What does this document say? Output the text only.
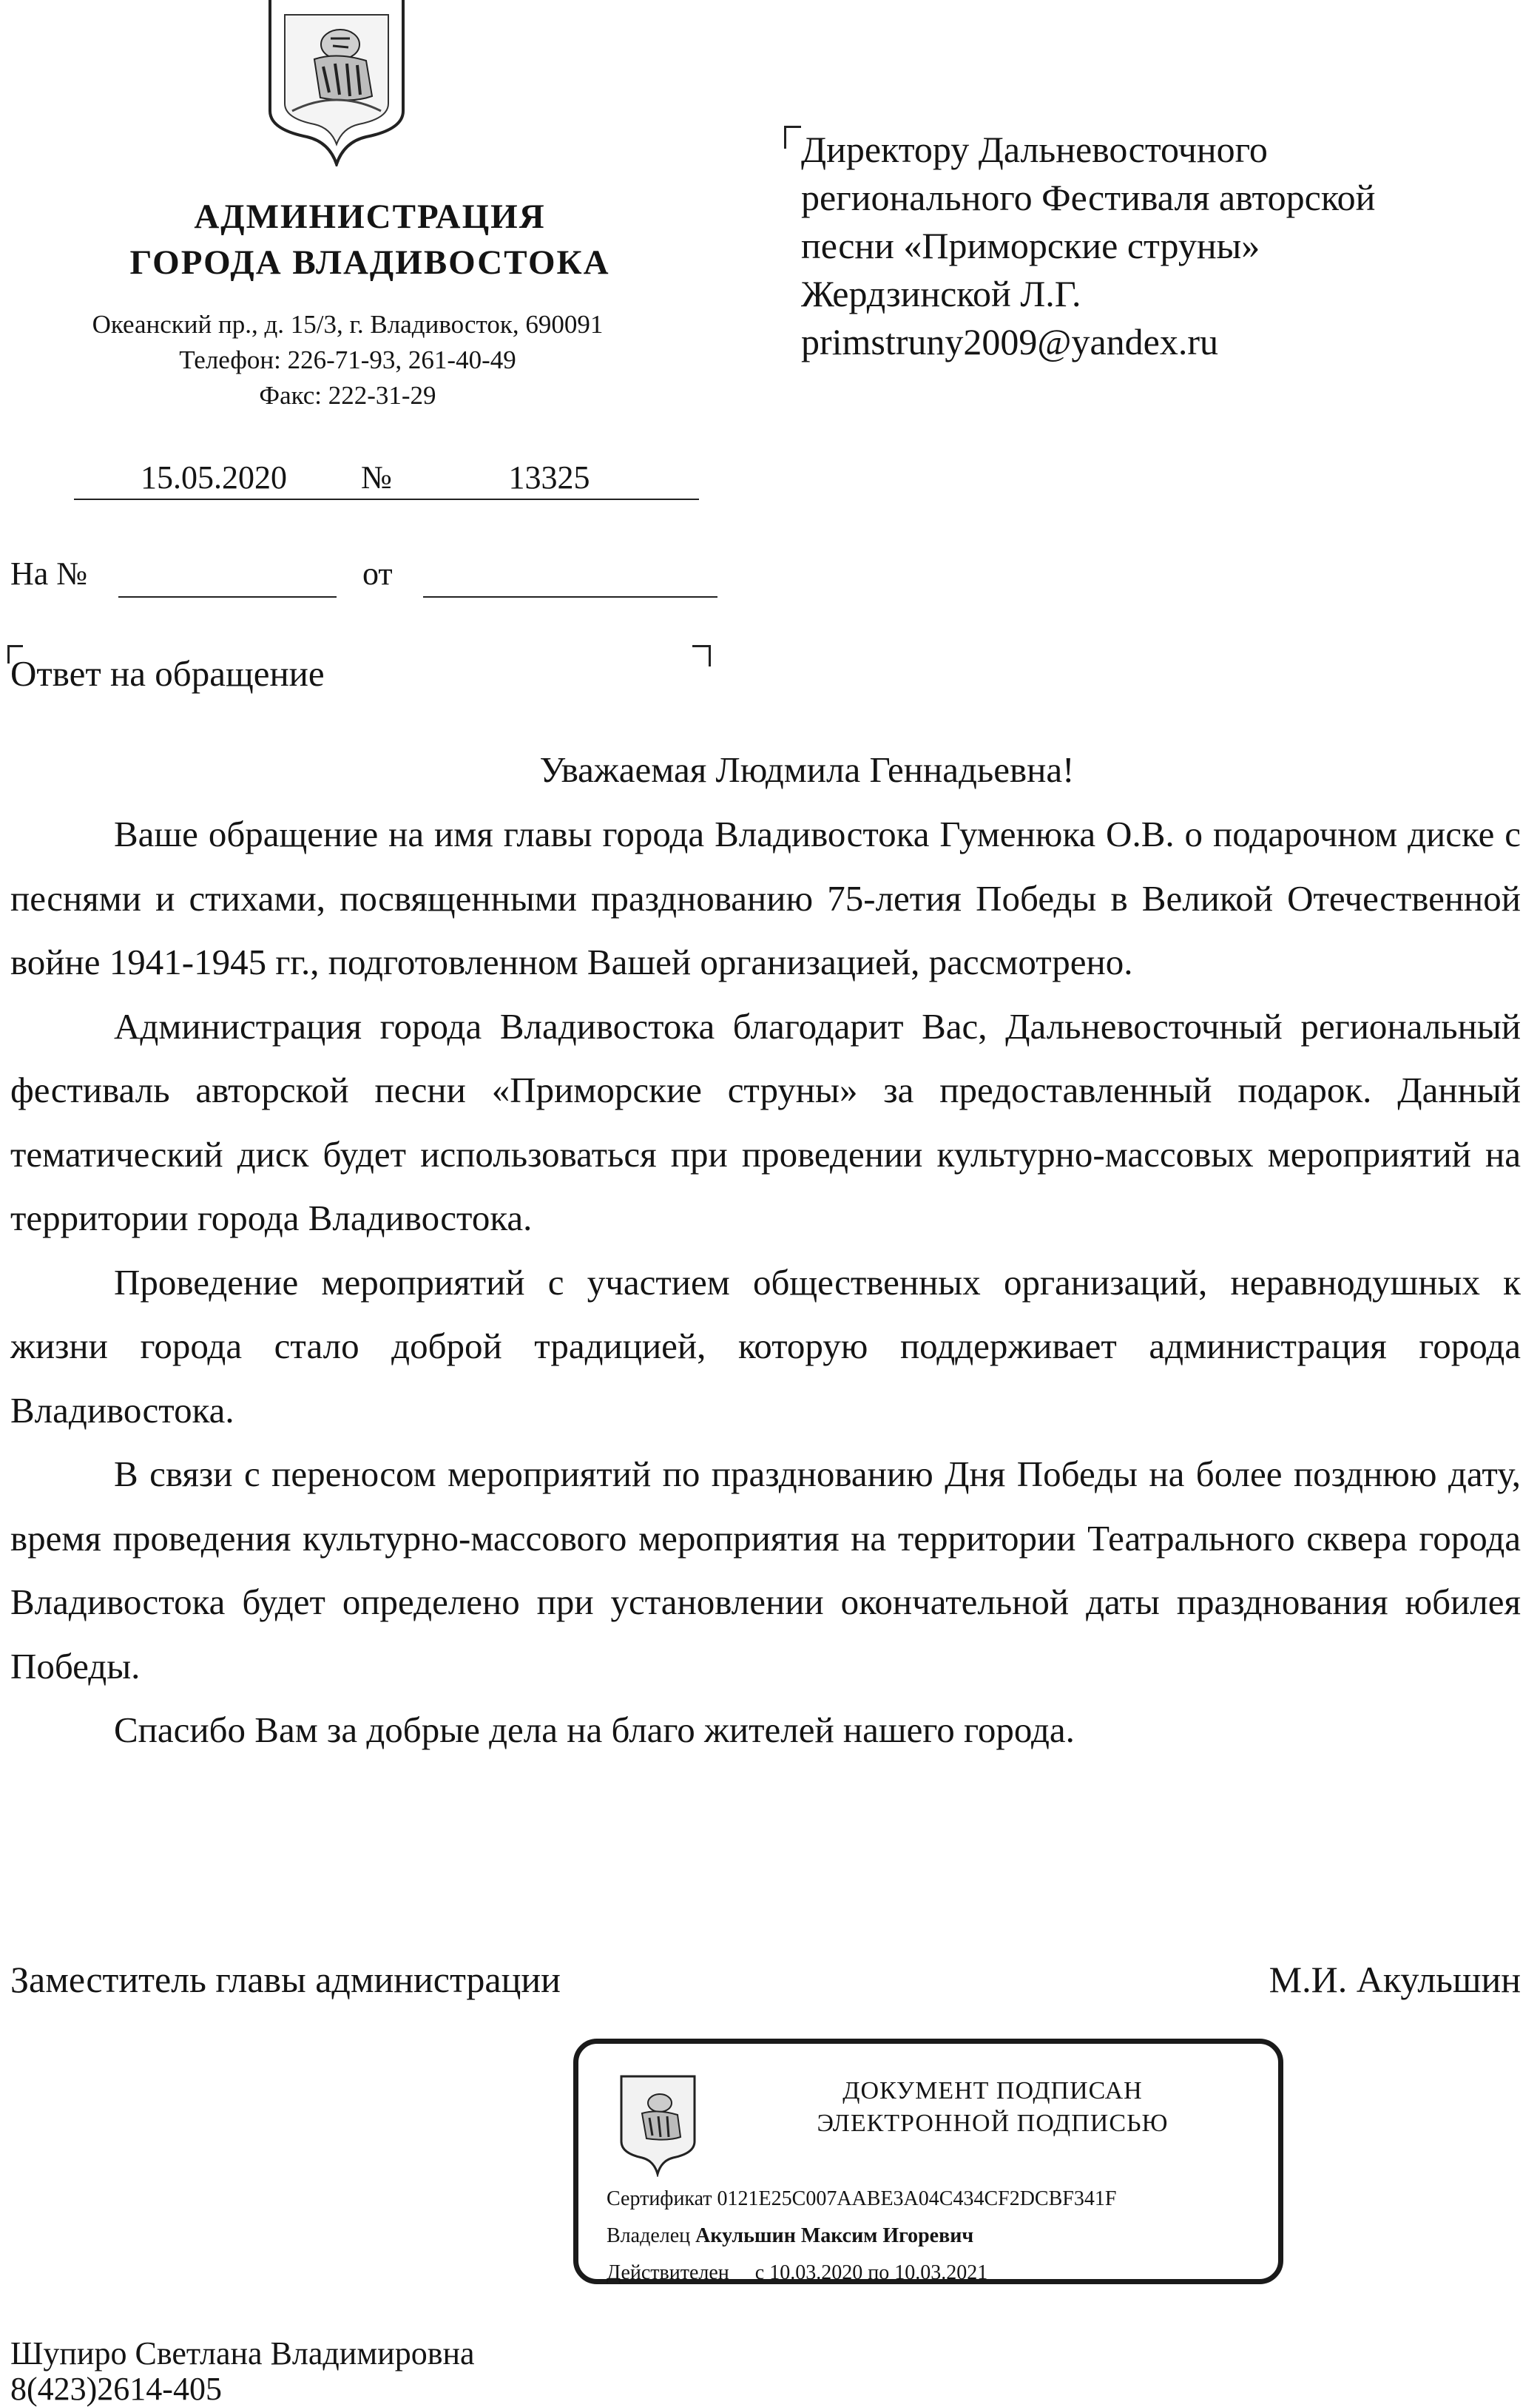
АДМИНИСТРАЦИЯ
ГОРОДА ВЛАДИВОСТОКА
Океанский пр., д. 15/3, г. Владивосток, 690091
Телефон: 226-71-93, 261-40-49
Факс: 222-31-29
15.05.2020	№	13325
На №	от
Ответ на обращение
Директору Дальневосточного
регионального Фестиваля авторской
песни «Приморские струны»
Жердзинской Л.Г.
primstruny2009@yandex.ru
Уважаемая Людмила Геннадьевна!

Ваше обращение на имя главы города Владивостока Гуменюка О.В. о подарочном диске с песнями и стихами, посвященными празднованию 75-летия Победы в Великой Отечественной войне 1941-1945 гг., подготовленном Вашей организацией, рассмотрено.

Администрация города Владивостока благодарит Вас, Дальневосточный региональный фестиваль авторской песни «Приморские струны» за предоставленный подарок. Данный тематический диск будет использоваться при проведении культурно-массовых мероприятий на территории города Владивостока.

Проведение мероприятий с участием общественных организаций, неравнодушных к жизни города стало доброй традицией, которую поддерживает администрация города Владивостока.

В связи с переносом мероприятий по празднованию Дня Победы на более позднюю дату, время проведения культурно-массового мероприятия на территории Театрального сквера города Владивостока будет определено при установлении окончательной даты празднования юбилея Победы.

Спасибо Вам за добрые дела на благо жителей нашего города.

Заместитель главы администрации	М.И. Акульшин
ДОКУМЕНТ ПОДПИСАН
ЭЛЕКТРОННОЙ ПОДПИСЬЮ
Сертификат 0121E25C007AABE3A04C434CF2DCBF341F
Владелец Акульшин Максим Игоревич
Действителен с 10.03.2020 по 10.03.2021
Шупиро Светлана Владимировна
8(423)2614-405
